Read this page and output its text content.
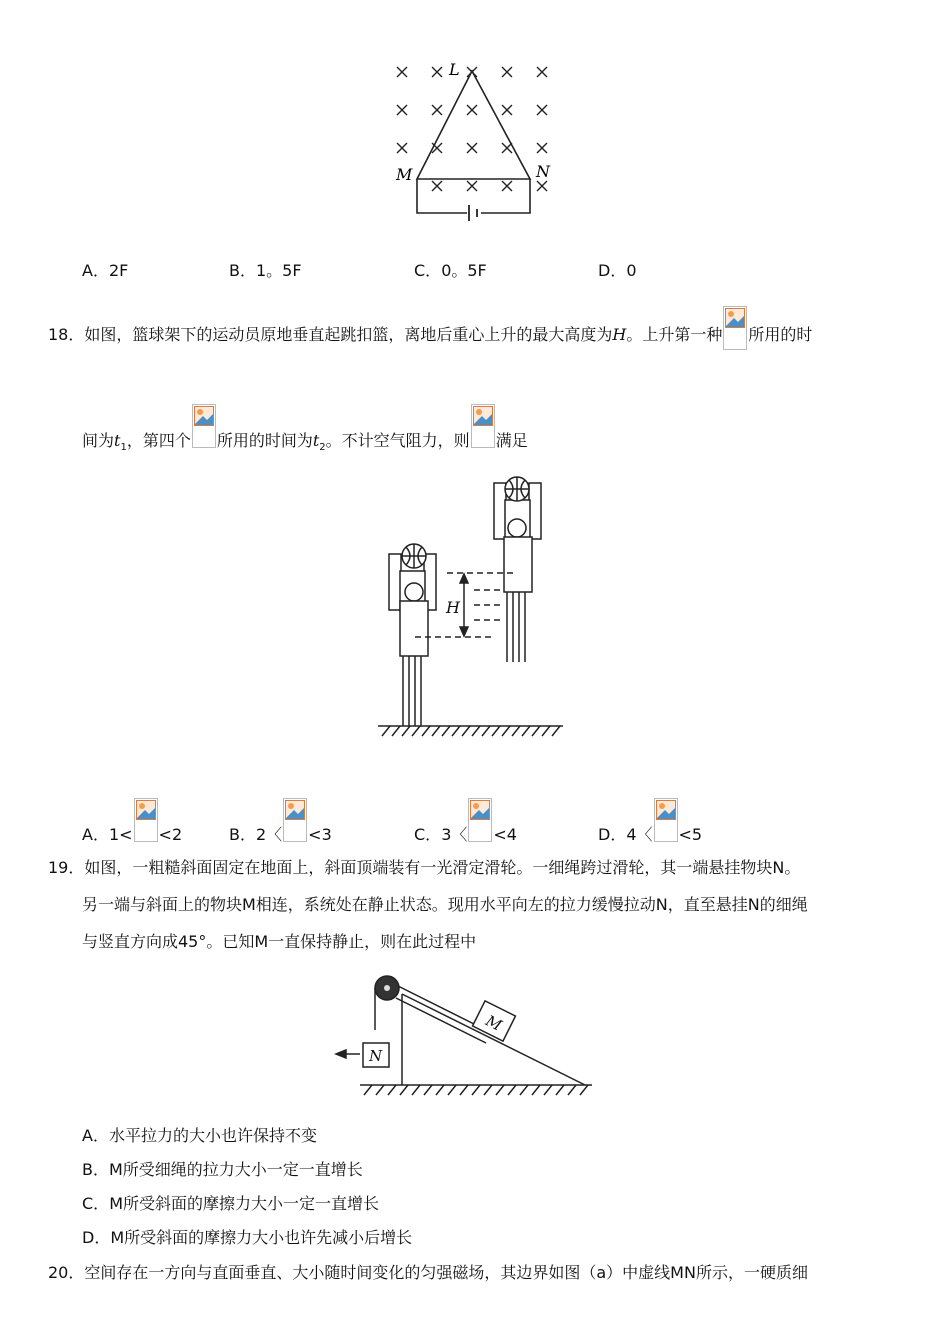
L
M	N
A．2F	B．1。5F	C．0。5F	D．0
18．如图，篮球架下的运动员原地垂直起跳扣篮，离地后重心上升的最大高度为H。上升第一种 所用的时
间为$t_1$，第四个 所用的时间为$t_2$。不计空气阻力，则 满足
H
A．1< <2	B．2〈 <3	C．3〈 <4	D．4〈 <5
19．如图，一粗糙斜面固定在地面上，斜面顶端装有一光滑定滑轮。一细绳跨过滑轮，其一端悬挂物块N。
另一端与斜面上的物块M相连，系统处在静止状态。现用水平向左的拉力缓慢拉动N，直至悬挂N的细绳
与竖直方向成45°。已知M一直保持静止，则在此过程中
M
N
A．水平拉力的大小也许保持不变
B．M所受细绳的拉力大小一定一直增长
C．M所受斜面的摩擦力大小一定一直增长
D．M所受斜面的摩擦力大小也许先减小后增长
20．空间存在一方向与直面垂直、大小随时间变化的匀强磁场，其边界如图（a）中虚线MN所示，一硬质细
